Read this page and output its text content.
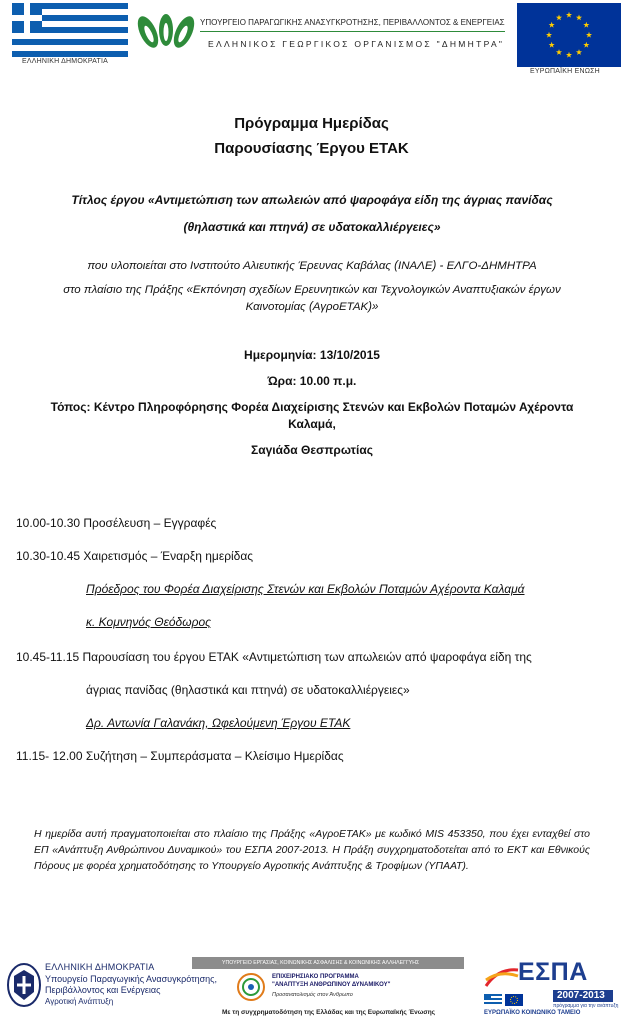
ΕΛΛΗΝΙΚΗ ΔΗΜΟΚΡΑΤΙΑ
ΥΠΟΥΡΓΕΙΟ ΠΑΡΑΓΩΓΙΚΗΣ ΑΝΑΣΥΓΚΡΟΤΗΣΗΣ, ΠΕΡΙΒΑΛΛΟΝΤΟΣ & ΕΝΕΡΓΕΙΑΣ
ΕΛΛΗΝΙΚΟΣ ΓΕΩΡΓΙΚΟΣ ΟΡΓΑΝΙΣΜΟΣ "ΔΗΜΗΤΡΑ"
ΕΥΡΩΠΑΪΚΗ ΕΝΩΣΗ
Πρόγραμμα Ημερίδας
Παρουσίασης Έργου ΕΤΑΚ
Τίτλος έργου «Αντιμετώπιση των απωλειών από ψαροφάγα είδη της άγριας πανίδας
(θηλαστικά και πτηνά) σε υδατοκαλλιέργειες»
που υλοποιείται στο Ινστιτούτο Αλιευτικής Έρευνας Καβάλας (ΙΝΑΛΕ) - ΕΛΓΟ-ΔΗΜΗΤΡΑ
στο πλαίσιο της Πράξης «Εκπόνηση σχεδίων Ερευνητικών και Τεχνολογικών Αναπτυξιακών έργων
Καινοτομίας (ΑγροΕΤΑΚ)»
Ημερομηνία: 13/10/2015
Ώρα: 10.00 π.μ.
Τόπος: Κέντρο Πληροφόρησης Φορέα Διαχείρισης Στενών και Εκβολών Ποταμών Αχέροντα
Καλαμά,
Σαγιάδα Θεσπρωτίας
10.00-10.30 Προσέλευση – Εγγραφές
10.30-10.45 Χαιρετισμός – Έναρξη ημερίδας
Πρόεδρος του Φορέα Διαχείρισης Στενών και Εκβολών Ποταμών Αχέροντα Καλαμά
κ. Κομνηνός Θεόδωρος
10.45-11.15 Παρουσίαση του έργου ΕΤΑΚ «Αντιμετώπιση των απωλειών από ψαροφάγα είδη της
άγριας πανίδας (θηλαστικά και πτηνά) σε υδατοκαλλιέργειες»
Δρ. Αντωνία Γαλανάκη, Ωφελούμενη Έργου ΕΤΑΚ
11.15- 12.00 Συζήτηση – Συμπεράσματα – Κλείσιμο Ημερίδας
Η ημερίδα αυτή πραγματοποιείται στο πλαίσιο της Πράξης «ΑγροΕΤΑΚ» με κωδικό MIS 453350, που έχει ενταχθεί στο ΕΠ «Ανάπτυξη Ανθρώπινου Δυναμικού» του ΕΣΠΑ 2007-2013. Η Πράξη συγχρηματοδοτείται από το ΕΚΤ και Εθνικούς Πόρους με φορέα χρηματοδότησης το Υπουργείο Αγροτικής Ανάπτυξης & Τροφίμων (ΥΠΑΑΤ).
ΕΛΛΗΝΙΚΗ ΔΗΜΟΚΡΑΤΙΑ
Υπουργείο Παραγωγικής Ανασυγκρότησης,
Περιβάλλοντος και Ενέργειας
Αγροτική Ανάπτυξη
ΥΠΟΥΡΓΕΙΟ ΕΡΓΑΣΙΑΣ, ΚΟΙΝΩΝΙΚΗΣ ΑΣΦΑΛΙΣΗΣ & ΚΟΙΝΩΝΙΚΗΣ ΑΛΛΗΛΕΓΓΥΗΣ
ΕΠΙΧΕΙΡΗΣΙΑΚΟ ΠΡΟΓΡΑΜΜΑ
"ΑΝΑΠΤΥΞΗ ΑΝΘΡΩΠΙΝΟΥ ΔΥΝΑΜΙΚΟΥ"
Προσανατολισμός στον Άνθρωπο
Με τη συγχρηματοδότηση της Ελλάδας και της Ευρωπαϊκής Ένωσης
ΕΣΠΑ
2007-2013
πρόγραμμα για την ανάπτυξη
ΕΥΡΩΠΑΪΚΟ ΚΟΙΝΩΝΙΚΟ ΤΑΜΕΙΟ
